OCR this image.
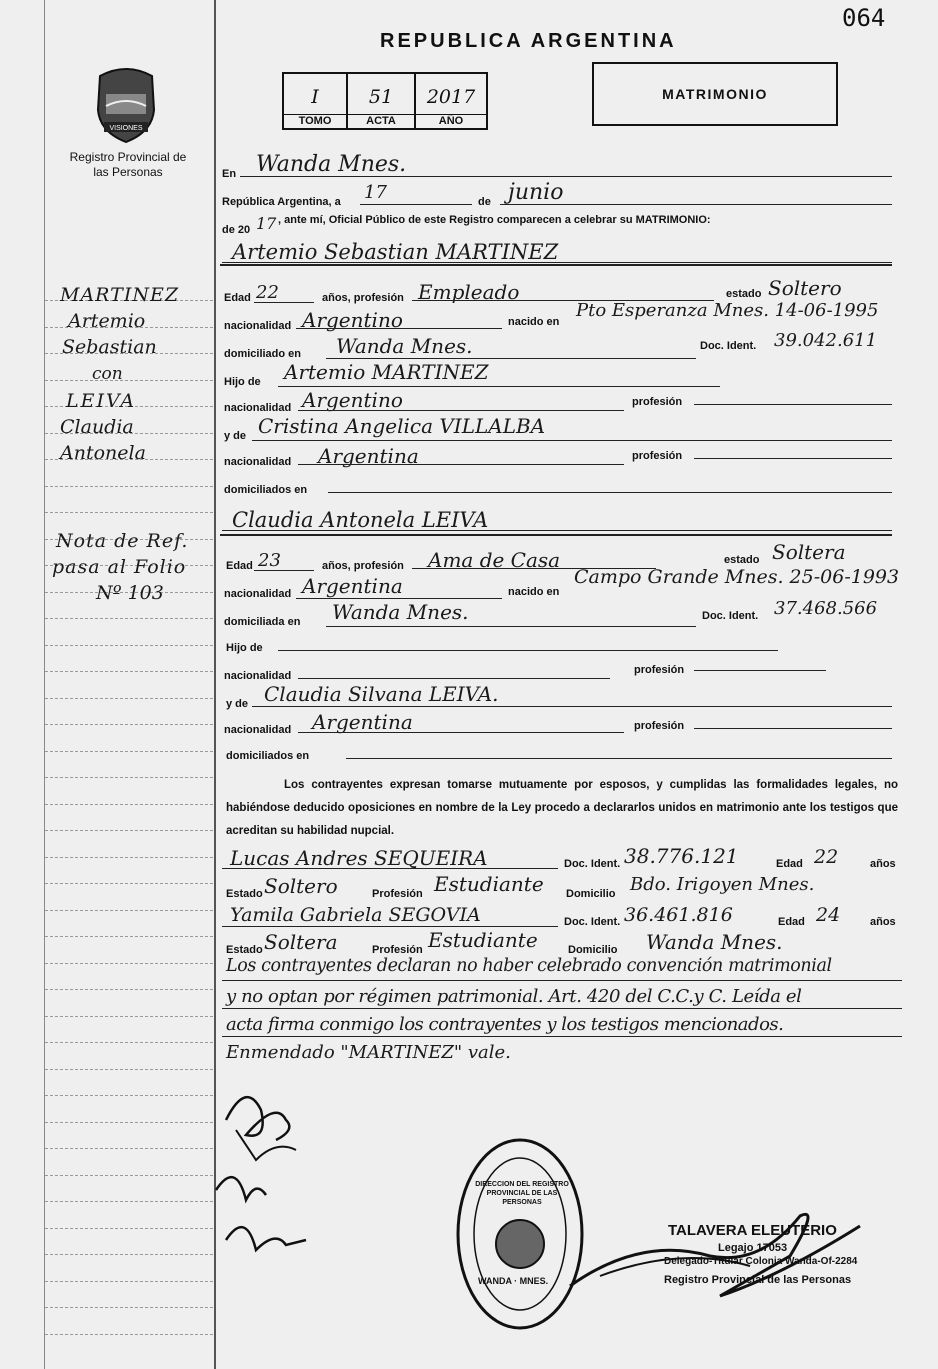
064
REPUBLICA ARGENTINA
VISIONES
Registro Provincial de las Personas
I
TOMO
51
ACTA
2017
AÑO
MATRIMONIO
En Wanda Mnes.
República Argentina, a 17	de junio
de 20 17 , ante mí, Oficial Público de este Registro comparecen a celebrar su MATRIMONIO:
Artemio Sebastian MARTINEZ
MARTINEZ
Artemio
Sebastian
con
LEIVA
Claudia
Antonela
Nota de Ref.
pasa al Folio
Nº 103
Edad 22	años, profesión Empleado	estado Soltero
nacionalidad Argentino	nacido en
Pto Esperanza Mnes. 14-06-1995
domiciliado en Wanda Mnes.	Doc. Ident. 39.042.611
Hijo de Artemio MARTINEZ
nacionalidad Argentino	profesión
y de Cristina Angelica VILLALBA
nacionalidad Argentina	profesión
domiciliados en
Claudia Antonela LEIVA
Edad 23	años, profesión Ama de Casa	estado Soltera
nacionalidad Argentina	nacido en
Campo Grande Mnes. 25-06-1993
domiciliada en Wanda Mnes.	Doc. Ident. 37.468.566
Hijo de
nacionalidad	profesión
y de Claudia Silvana LEIVA.
nacionalidad Argentina	profesión
domiciliados en
Los contrayentes expresan tomarse mutuamente por esposos, y cumplidas las formalidades legales, no habiéndose deducido oposiciones en nombre de la Ley procedo a declararlos unidos en matrimonio ante los testigos que acreditan su habilidad nupcial.
Lucas Andres SEQUEIRA	Doc. Ident. 38.776.121	Edad 22	años
Estado Soltero	Profesión Estudiante Domicilio Bdo. Irigoyen Mnes.
Yamila Gabriela SEGOVIA	Doc. Ident. 36.461.816	Edad 24	años
Estado Soltera	Profesión Estudiante	Domicilio Wanda Mnes.
Los contrayentes declaran no haber celebrado convención matrimonial
y no optan por régimen patrimonial. Art. 420 del C.C.y C. Leída el
acta firma conmigo los contrayentes y los testigos mencionados.
Enmendado "MARTINEZ" vale.
DIRECCION DEL REGISTRO PROVINCIAL DE LAS PERSONAS
WANDA · MNES.
TALAVERA ELEUTERIO
Legajo 17053
Delegado-Titular Colonia Wanda-Of-2284
Registro Provincial de las Personas
